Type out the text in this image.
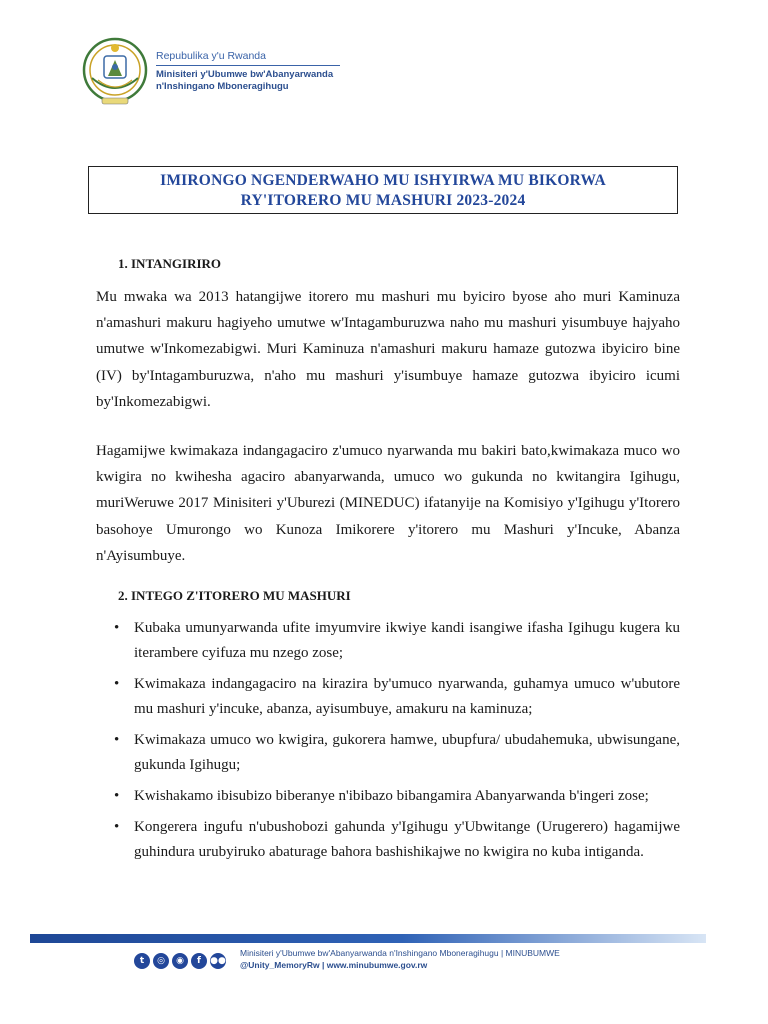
Repubulika y'u Rwanda
Minisiteri y'Ubumwe bw'Abanyarwanda
n'Inshingano Mboneragihugu
IMIRONGO NGENDERWAHO MU ISHYIRWA MU BIKORWA
RY'ITORERO MU MASHURI 2023-2024
1. INTANGIRIRO
Mu mwaka wa 2013 hatangijwe itorero mu mashuri mu byiciro byose aho muri Kaminuza n'amashuri makuru hagiyeho umutwe w'Intagamburuzwa naho mu mashuri yisumbuye hajyaho umutwe w'Inkomezabigwi. Muri Kaminuza n'amashuri makuru hamaze gutozwa ibyiciro bine (IV) by'Intagamburuzwa, n'aho mu mashuri y'isumbuye hamaze gutozwa ibyiciro icumi by'Inkomezabigwi.
Hagamijwe kwimakaza indangagaciro z'umuco nyarwanda mu bakiri bato,kwimakaza muco wo kwigira no kwihesha agaciro abanyarwanda, umuco wo gukunda no kwitangira Igihugu, muriWeruwe 2017 Minisiteri y'Uburezi (MINEDUC) ifatanyije na Komisiyo y'Igihugu y'Itorero basohoye Umurongo wo Kunoza Imikorere y'itorero mu Mashuri y'Incuke, Abanza n'Ayisumbuye.
2. INTEGO Z'ITORERO MU MASHURI
• Kubaka umunyarwanda ufite imyumvire ikwiye kandi isangiwe ifasha Igihugu kugera ku iterambere cyifuza mu nzego zose;
• Kwimakaza indangagaciro na kirazira by'umuco nyarwanda, guhamya umuco w'ubutore mu mashuri y'incuke, abanza, ayisumbuye, amakuru na kaminuza;
• Kwimakaza umuco wo kwigira, gukorera hamwe, ubupfura/ ubudahemuka, ubwisungane, gukunda Igihugu;
• Kwishakamo ibisubizo biberanye n'ibibazo bibangamira Abanyarwanda b'ingeri zose;
• Kongerera ingufu n'ubushobozi gahunda y'Igihugu y'Ubwitange (Urugerero) hagamijwe guhindura urubyiruko abaturage bahora bashishikajwe no kwigira no kuba intiganda.
t ◎ ◉ f ●●
Minisiteri y'Ubumwe bw'Abanyarwanda n'Inshingano Mboneragihugu | MINUBUMWE
@Unity_MemoryRw | www.minubumwe.gov.rw
